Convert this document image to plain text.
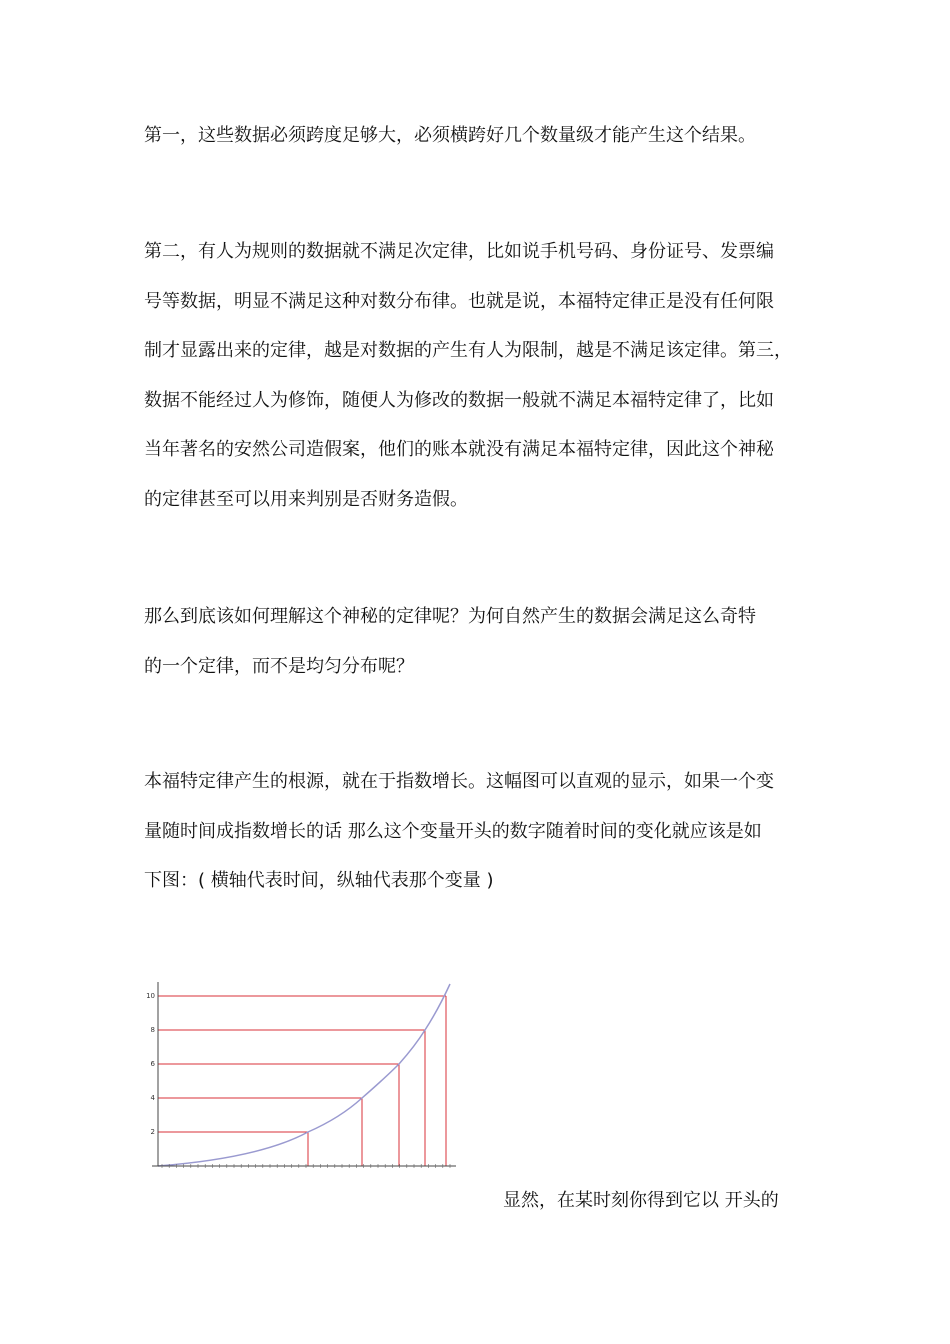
第一，这些数据必须跨度足够大，必须横跨好几个数量级才能产生这个结果。
第二，有人为规则的数据就不满足次定律，比如说手机号码、身份证号、发票编
号等数据，明显不满足这种对数分布律。也就是说，本福特定律正是没有任何限
制才显露出来的定律，越是对数据的产生有人为限制，越是不满足该定律。第三，
数据不能经过人为修饰，随便人为修改的数据一般就不满足本福特定律了，比如
当年著名的安然公司造假案，他们的账本就没有满足本福特定律，因此这个神秘
的定律甚至可以用来判别是否财务造假。
那么到底该如何理解这个神秘的定律呢？为何自然产生的数据会满足这么奇特
的一个定律，而不是均匀分布呢？
本福特定律产生的根源，就在于指数增长。这幅图可以直观的显示，如果一个变
量随时间成指数增长的话 那么这个变量开头的数字随着时间的变化就应该是如
下图：( 横轴代表时间，纵轴代表那个变量 )
10
8
6
4
2
显然，在某时刻你得到它以 开头的
